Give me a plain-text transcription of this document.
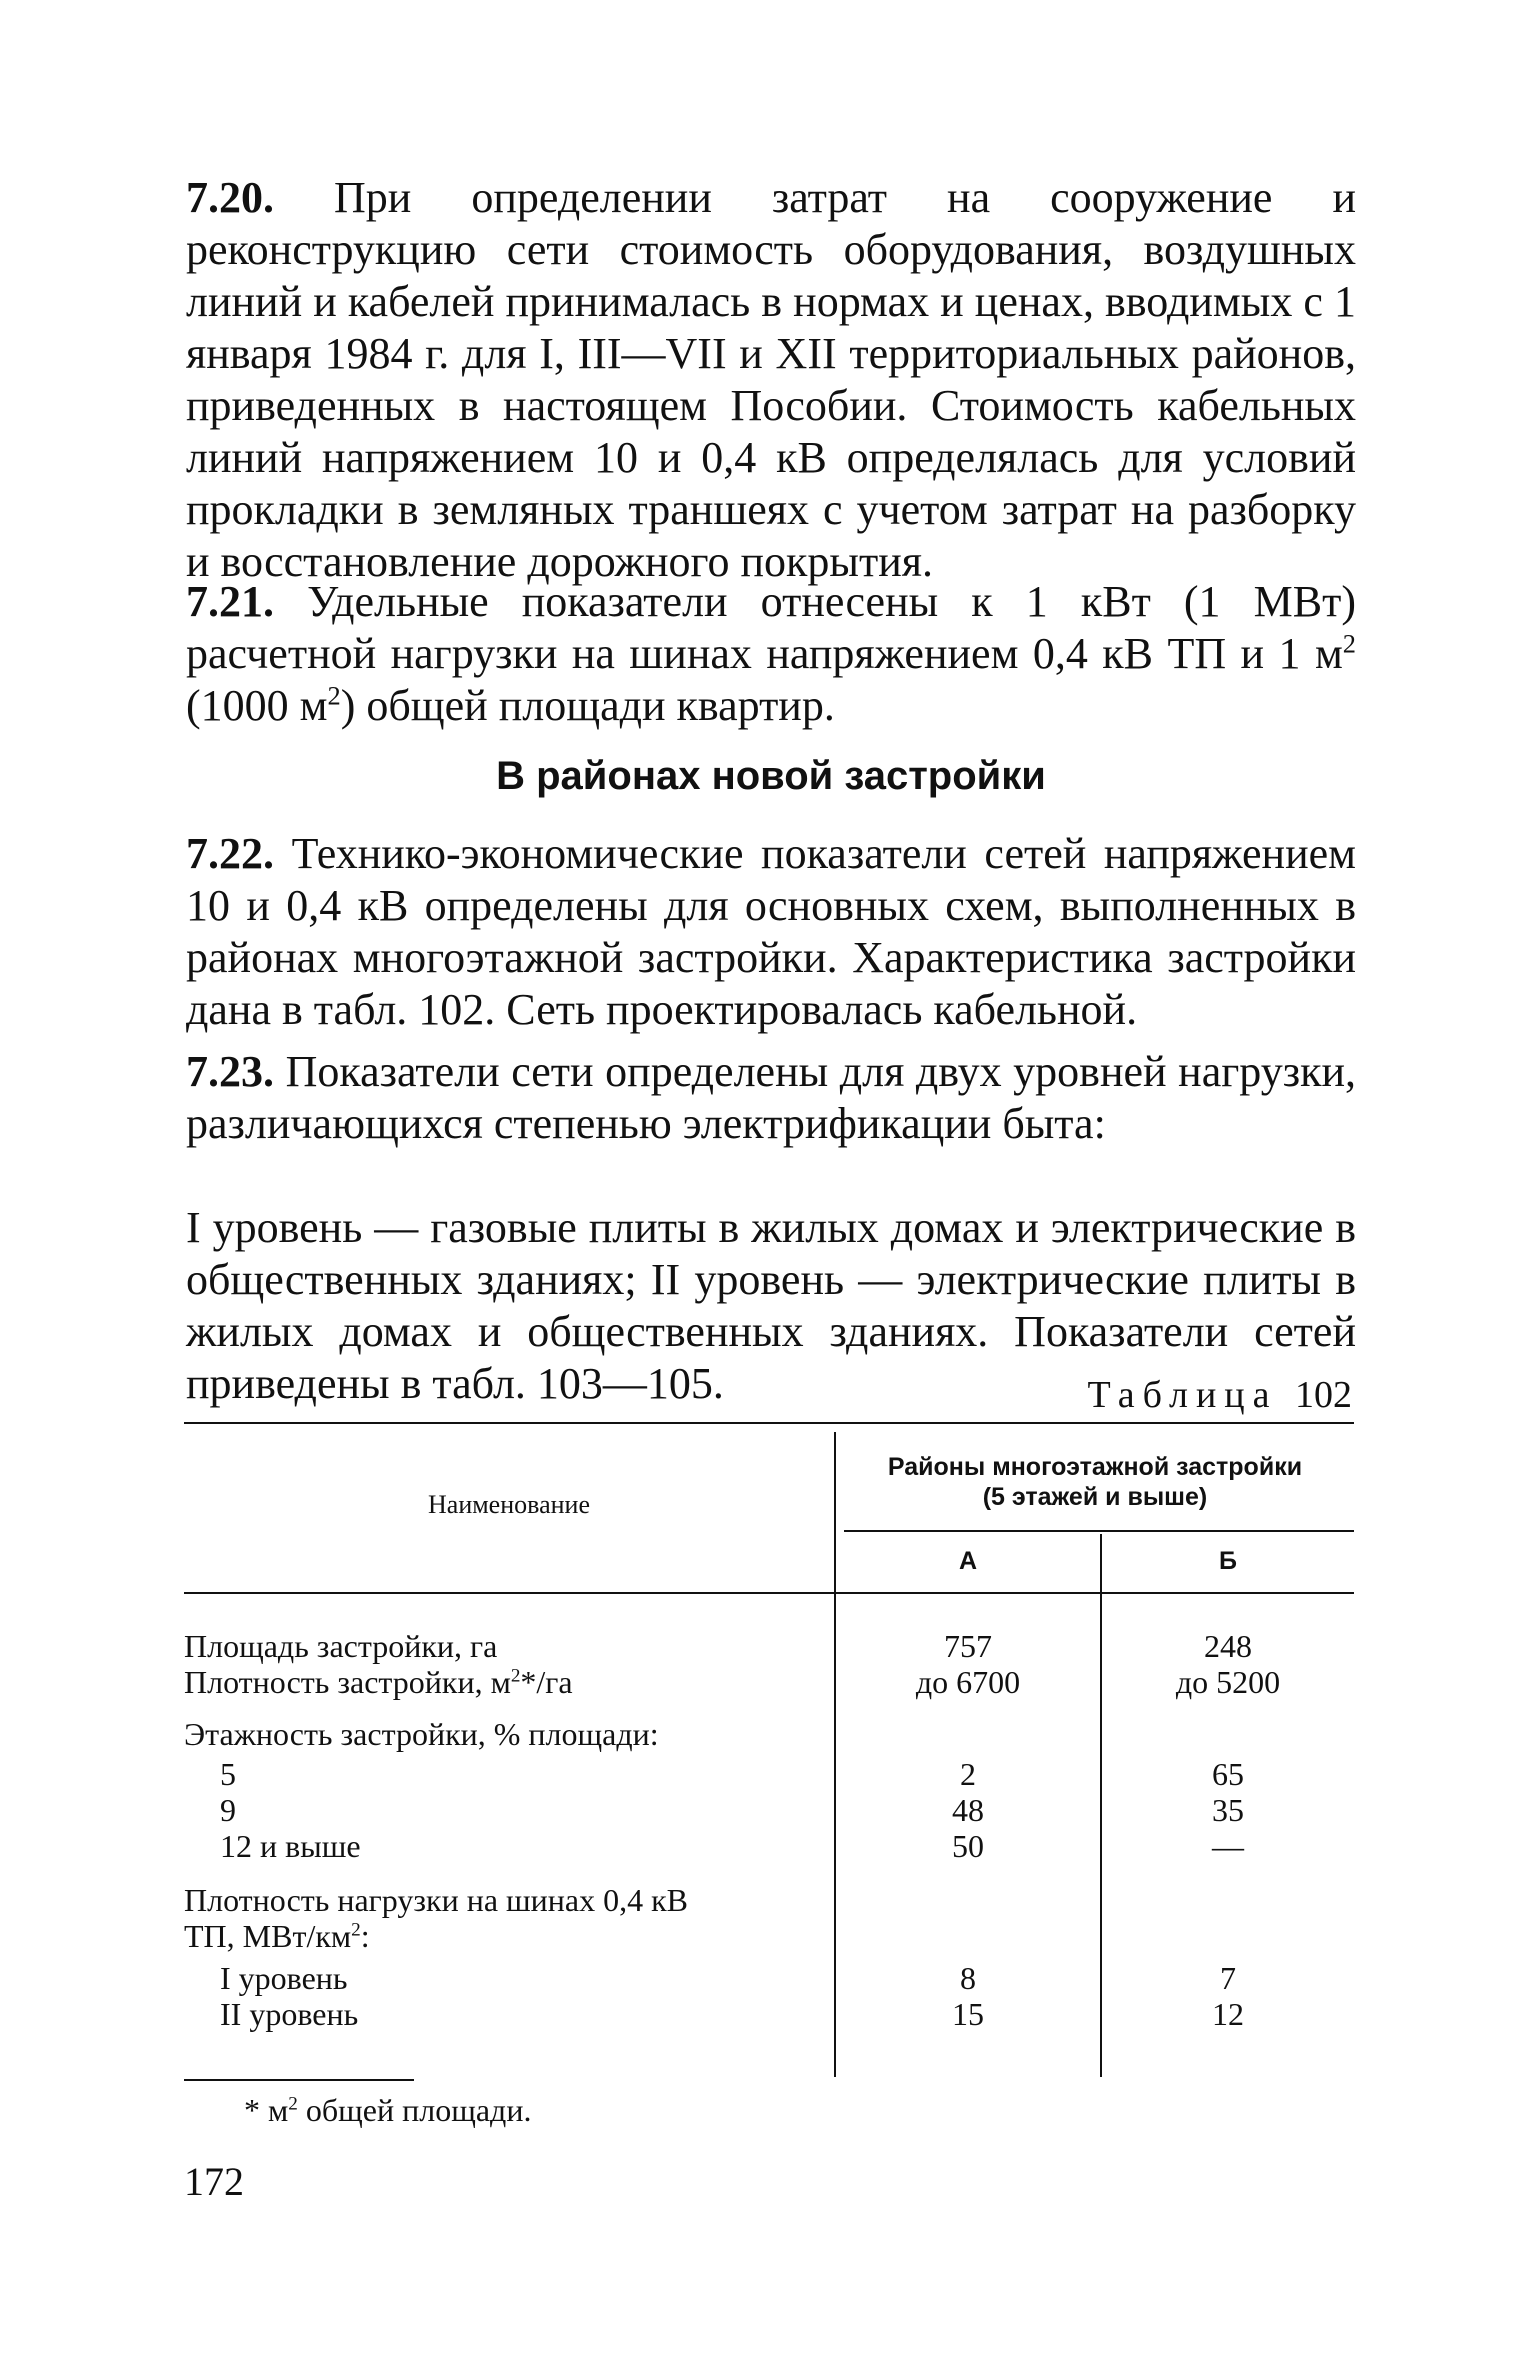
7.20. При определении затрат на сооружение и реконструкцию сети стоимость оборудования, воздушных линий и кабелей принималась в нормах и ценах, вводимых с 1 января 1984 г. для I, III—VII и XII территориальных районов, приведенных в настоящем Пособии. Стоимость кабельных линий напряжением 10 и 0,4 кВ определялась для условий прокладки в земляных траншеях с учетом затрат на разборку и восстановление дорожного покрытия.

7.21. Удельные показатели отнесены к 1 кВт (1 МВт) расчетной нагрузки на шинах напряжением 0,4 кВ ТП и 1 $м^2$ (1000 $м^2$) общей площади квартир.

В районах новой застройки

7.22. Технико-экономические показатели сетей напряжением 10 и 0,4 кВ определены для основных схем, выполненных в районах многоэтажной застройки. Характеристика застройки дана в табл. 102. Сеть проектировалась кабельной.

7.23. Показатели сети определены для двух уровней нагрузки, различающихся степенью электрификации быта:

I уровень — газовые плиты в жилых домах и электрические в общественных зданиях; II уровень — электрические плиты в жилых домах и общественных зданиях. Показатели сетей приведены в табл. 103—105.	Таблица 102

Наименование
Районы многоэтажной застройки
(5 этажей и выше)
А	Б
Площадь застройки, га	757	248
Плотность застройки, $м^2*/га$	до 6700	до 5200
Этажность застройки, % площади:
5	2	65
9	48	35
12 и выше	50	—
Плотность нагрузки на шинах 0,4 кВ
ТП, МВт/$км^2$:
I уровень	8	7
II уровень	15	12

* $м^2$ общей площади.

172
